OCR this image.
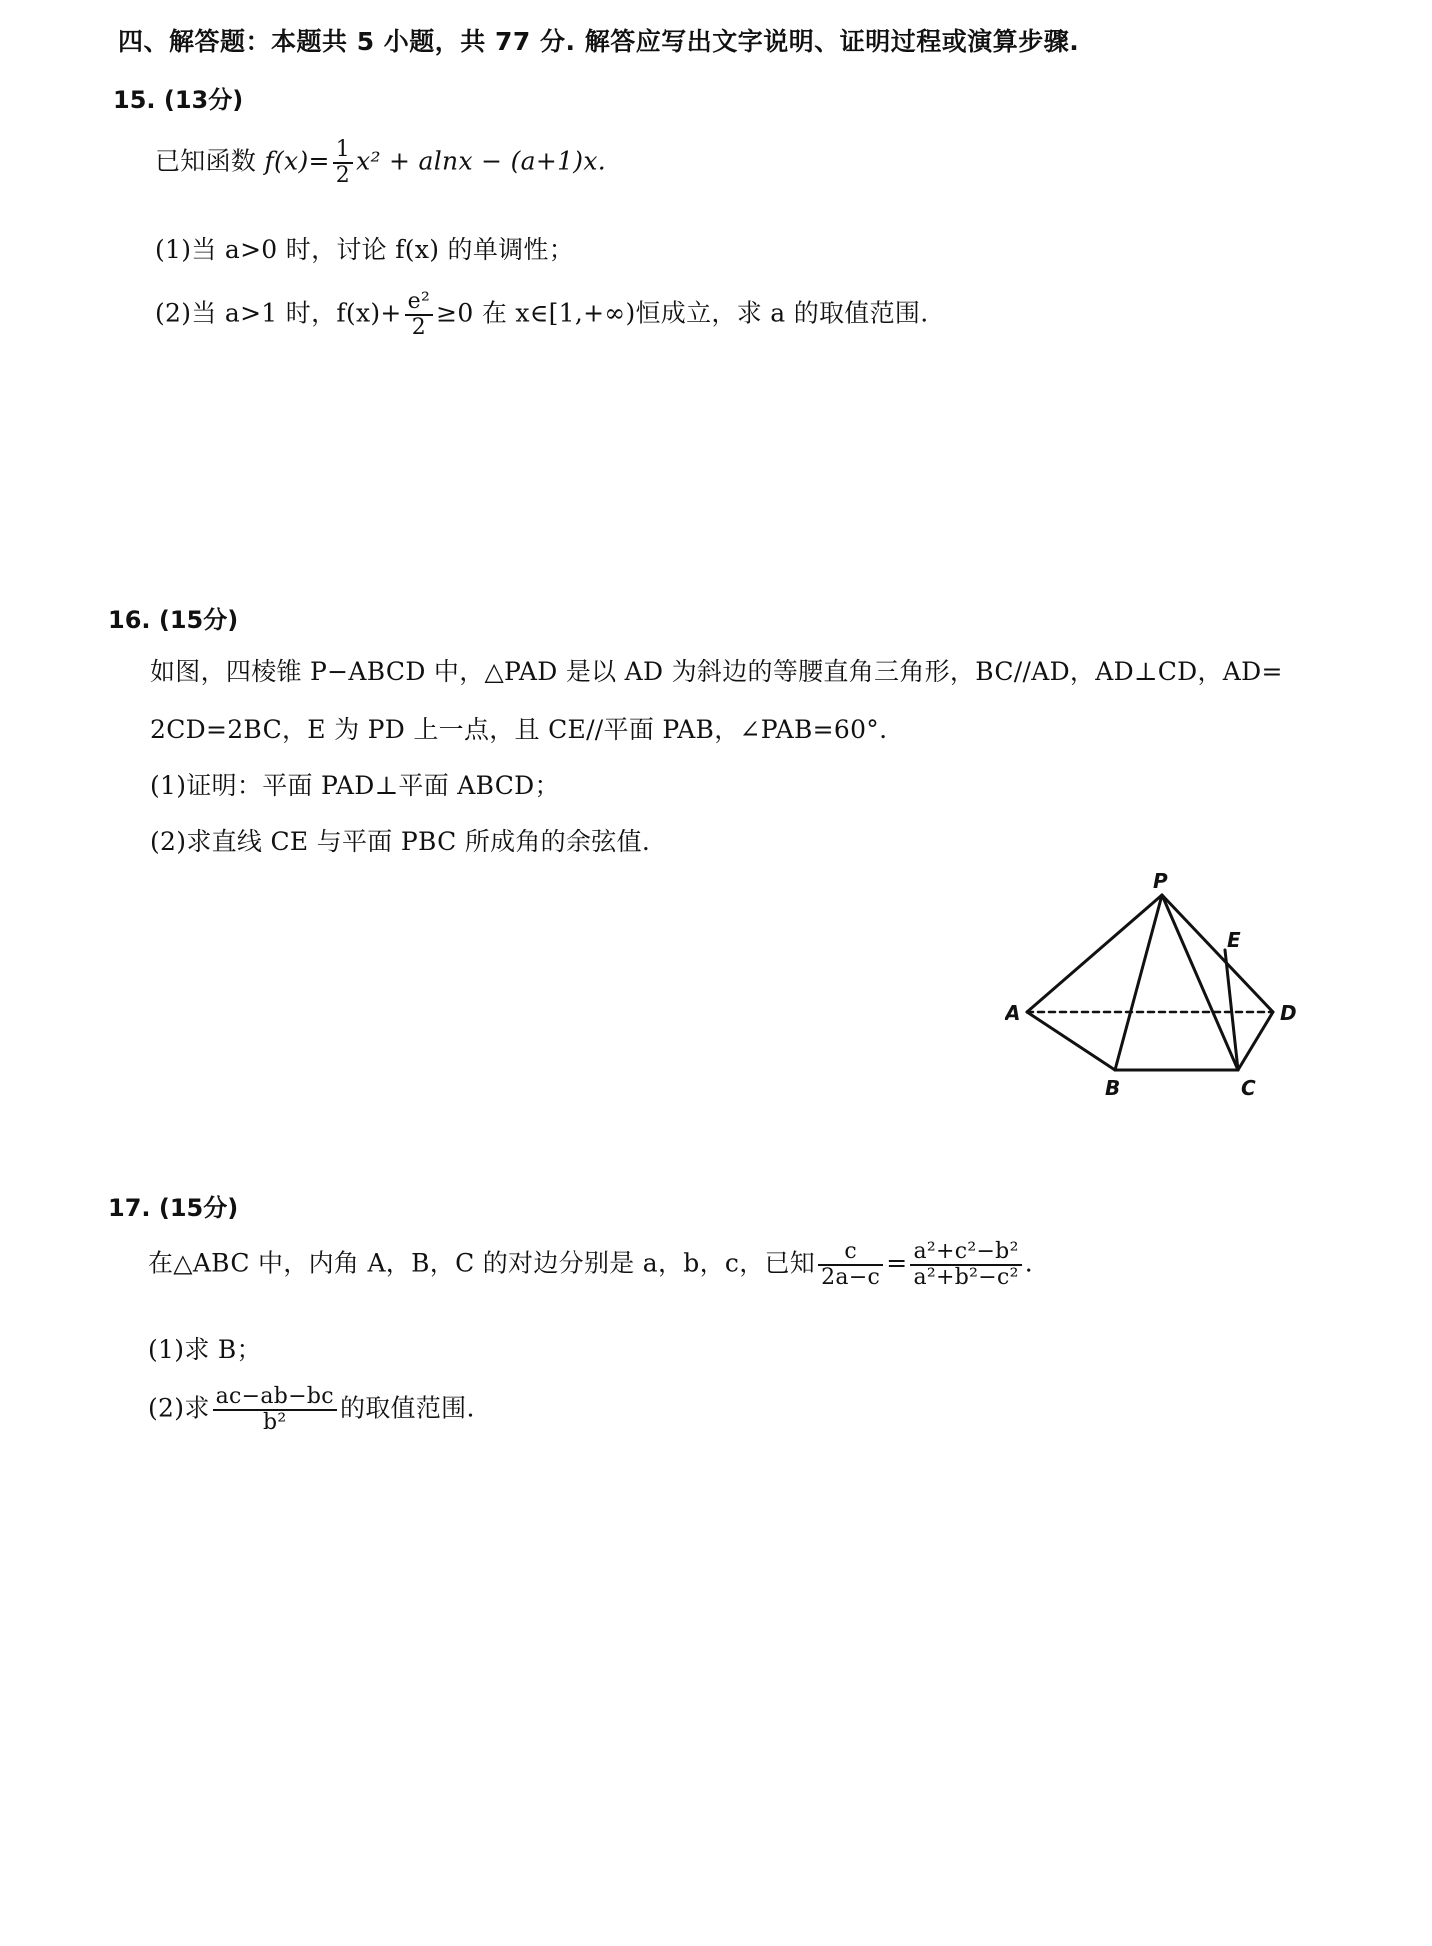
四、解答题：本题共 5 小题，共 77 分. 解答应写出文字说明、证明过程或演算步骤.
15. (13分)
已知函数 $f(x)= \frac{1}{2} x^2 + alnx - (a+1)x$.
(1)当 a>0 时，讨论 f(x) 的单调性；
(2)当 a>1 时，$f(x)+ \frac{\text{e²}}{2} \ge 0$ 在 x∈[1,+∞)恒成立，求 a 的取值范围.
16. (15分)
如图，四棱锥 P−ABCD 中，△PAD 是以 AD 为斜边的等腰直角三角形，BC//AD，AD⊥CD，AD=
2CD=2BC，E 为 PD 上一点，且 CE//平面 PAB，∠PAB=60°.
(1)证明：平面 PAD⊥平面 ABCD；
(2)求直线 CE 与平面 PBC 所成角的余弦值.
P
E
A	D
B	C
17. (15分)
在△ABC 中，内角 A，B，C 的对边分别是 a，b，c，已知 $\frac{c}{2a-c} = \frac{\text{a²+c²−b²}}{\text{a²+b²−c²}}$ .
(1)求 B；
(2)求 $\frac{ac-ab-bc}{\text{b²}}$ 的取值范围.
